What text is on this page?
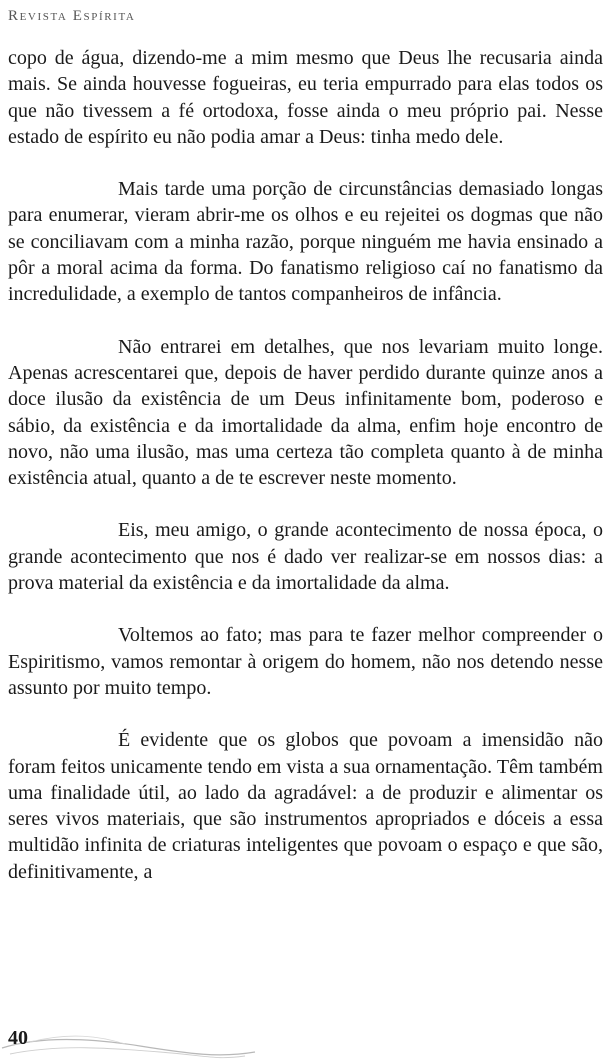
Revista Espírita

copo de água, dizendo-me a mim mesmo que Deus lhe recusaria ainda mais. Se ainda houvesse fogueiras, eu teria empurrado para elas todos os que não tivessem a fé ortodoxa, fosse ainda o meu próprio pai. Nesse estado de espírito eu não podia amar a Deus: tinha medo dele.

Mais tarde uma porção de circunstâncias demasiado longas para enumerar, vieram abrir-me os olhos e eu rejeitei os dogmas que não se conciliavam com a minha razão, porque ninguém me havia ensinado a pôr a moral acima da forma. Do fanatismo religioso caí no fanatismo da incredulidade, a exemplo de tantos companheiros de infância.

Não entrarei em detalhes, que nos levariam muito longe. Apenas acrescentarei que, depois de haver perdido durante quinze anos a doce ilusão da existência de um Deus infinitamente bom, poderoso e sábio, da existência e da imortalidade da alma, enfim hoje encontro de novo, não uma ilusão, mas uma certeza tão completa quanto à de minha existência atual, quanto a de te escrever neste momento.

Eis, meu amigo, o grande acontecimento de nossa época, o grande acontecimento que nos é dado ver realizar-se em nossos dias: a prova material da existência e da imortalidade da alma.

Voltemos ao fato; mas para te fazer melhor compreender o Espiritismo, vamos remontar à origem do homem, não nos detendo nesse assunto por muito tempo.

É evidente que os globos que povoam a imensidão não foram feitos unicamente tendo em vista a sua ornamentação. Têm também uma finalidade útil, ao lado da agradável: a de produzir e alimentar os seres vivos materiais, que são instrumentos apropriados e dóceis a essa multidão infinita de criaturas inteligentes que povoam o espaço e que são, definitivamente, a

40
